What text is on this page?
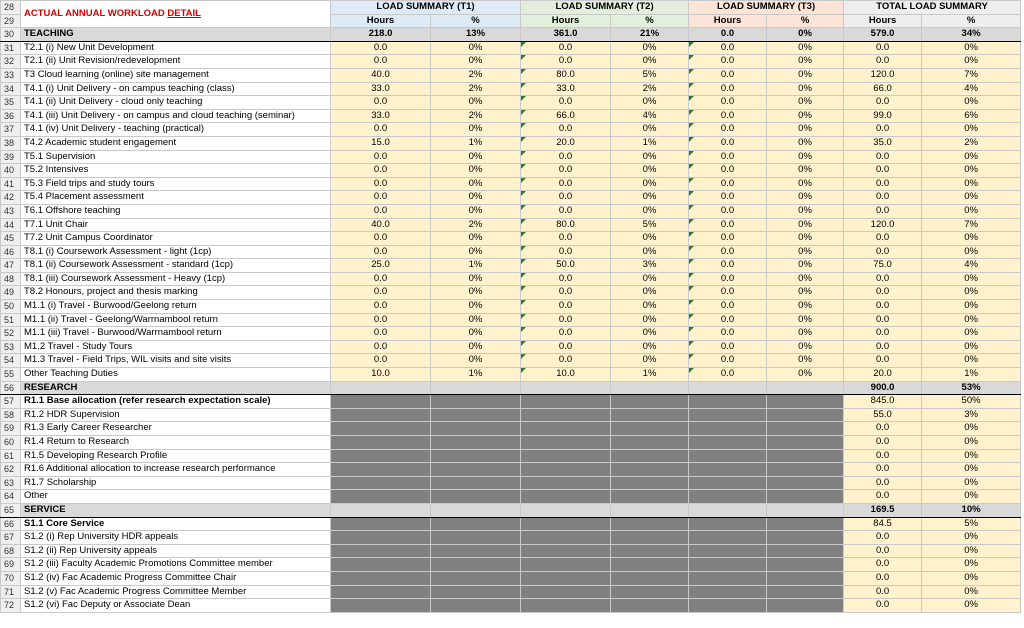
28	ACTUAL ANNUAL WORKLOAD DETAIL	LOAD SUMMARY (T1)		LOAD SUMMARY (T2)		LOAD SUMMARY (T3)		TOTAL LOAD SUMMARY	
29		Hours	%	Hours	%	Hours	%	Hours	%
30	TEACHING	218.0	13%	361.0	21%	0.0	0%	579.0	34%
31	T2.1 (i) New Unit Development	0.0	0%	0.0	0%	0.0	0%	0.0	0%
32	T2.1 (ii) Unit Revision/redevelopment	0.0	0%	0.0	0%	0.0	0%	0.0	0%
33	T3 Cloud learning (online) site management	40.0	2%	80.0	5%	0.0	0%	120.0	7%
34	T4.1 (i) Unit Delivery - on campus teaching (class)	33.0	2%	33.0	2%	0.0	0%	66.0	4%
35	T4.1 (ii) Unit Delivery - cloud only teaching	0.0	0%	0.0	0%	0.0	0%	0.0	0%
36	T4.1 (iii) Unit Delivery - on campus and cloud teaching (seminar)	33.0	2%	66.0	4%	0.0	0%	99.0	6%
37	T4.1 (iv) Unit Delivery - teaching (practical)	0.0	0%	0.0	0%	0.0	0%	0.0	0%
38	T4.2 Academic student engagement	15.0	1%	20.0	1%	0.0	0%	35.0	2%
39	T5.1 Supervision	0.0	0%	0.0	0%	0.0	0%	0.0	0%
40	T5.2 Intensives	0.0	0%	0.0	0%	0.0	0%	0.0	0%
41	T5.3 Field trips and study tours	0.0	0%	0.0	0%	0.0	0%	0.0	0%
42	T5.4 Placement assessment	0.0	0%	0.0	0%	0.0	0%	0.0	0%
43	T6.1 Offshore teaching	0.0	0%	0.0	0%	0.0	0%	0.0	0%
44	T7.1 Unit Chair	40.0	2%	80.0	5%	0.0	0%	120.0	7%
45	T7.2 Unit Campus Coordinator	0.0	0%	0.0	0%	0.0	0%	0.0	0%
46	T8.1 (i) Coursework Assessment - light (1cp)	0.0	0%	0.0	0%	0.0	0%	0.0	0%
47	T8.1 (ii) Coursework Assessment - standard (1cp)	25.0	1%	50.0	3%	0.0	0%	75.0	4%
48	T8.1 (iii) Coursework Assessment - Heavy (1cp)	0.0	0%	0.0	0%	0.0	0%	0.0	0%
49	T8.2 Honours, project and thesis marking	0.0	0%	0.0	0%	0.0	0%	0.0	0%
50	M1.1 (i) Travel - Burwood/Geelong return	0.0	0%	0.0	0%	0.0	0%	0.0	0%
51	M1.1 (ii) Travel - Geelong/Warrnambool return	0.0	0%	0.0	0%	0.0	0%	0.0	0%
52	M1.1 (iii) Travel - Burwood/Warrnambool return	0.0	0%	0.0	0%	0.0	0%	0.0	0%
53	M1.2 Travel - Study Tours	0.0	0%	0.0	0%	0.0	0%	0.0	0%
54	M1.3 Travel - Field Trips, WIL visits and site visits	0.0	0%	0.0	0%	0.0	0%	0.0	0%
55	Other Teaching Duties	10.0	1%	10.0	1%	0.0	0%	20.0	1%
56	RESEARCH							900.0	53%
57	R1.1 Base allocation (refer research expectation scale)							845.0	50%
58	R1.2 HDR Supervision							55.0	3%
59	R1.3 Early Career Researcher							0.0	0%
60	R1.4 Return to Research							0.0	0%
61	R1.5 Developing Research Profile							0.0	0%
62	R1.6 Additional allocation to increase research performance							0.0	0%
63	R1.7 Scholarship							0.0	0%
64	Other							0.0	0%
65	SERVICE							169.5	10%
66	S1.1 Core Service							84.5	5%
67	S1.2 (i) Rep University HDR appeals							0.0	0%
68	S1.2 (ii) Rep University appeals							0.0	0%
69	S1.2 (iii) Faculty Academic Promotions Committee member							0.0	0%
70	S1.2 (iv) Fac Academic Progress Committee Chair							0.0	0%
71	S1.2 (v) Fac Academic Progress Committee Member							0.0	0%
72	S1.2 (vi) Fac Deputy or Associate Dean							0.0	0%
